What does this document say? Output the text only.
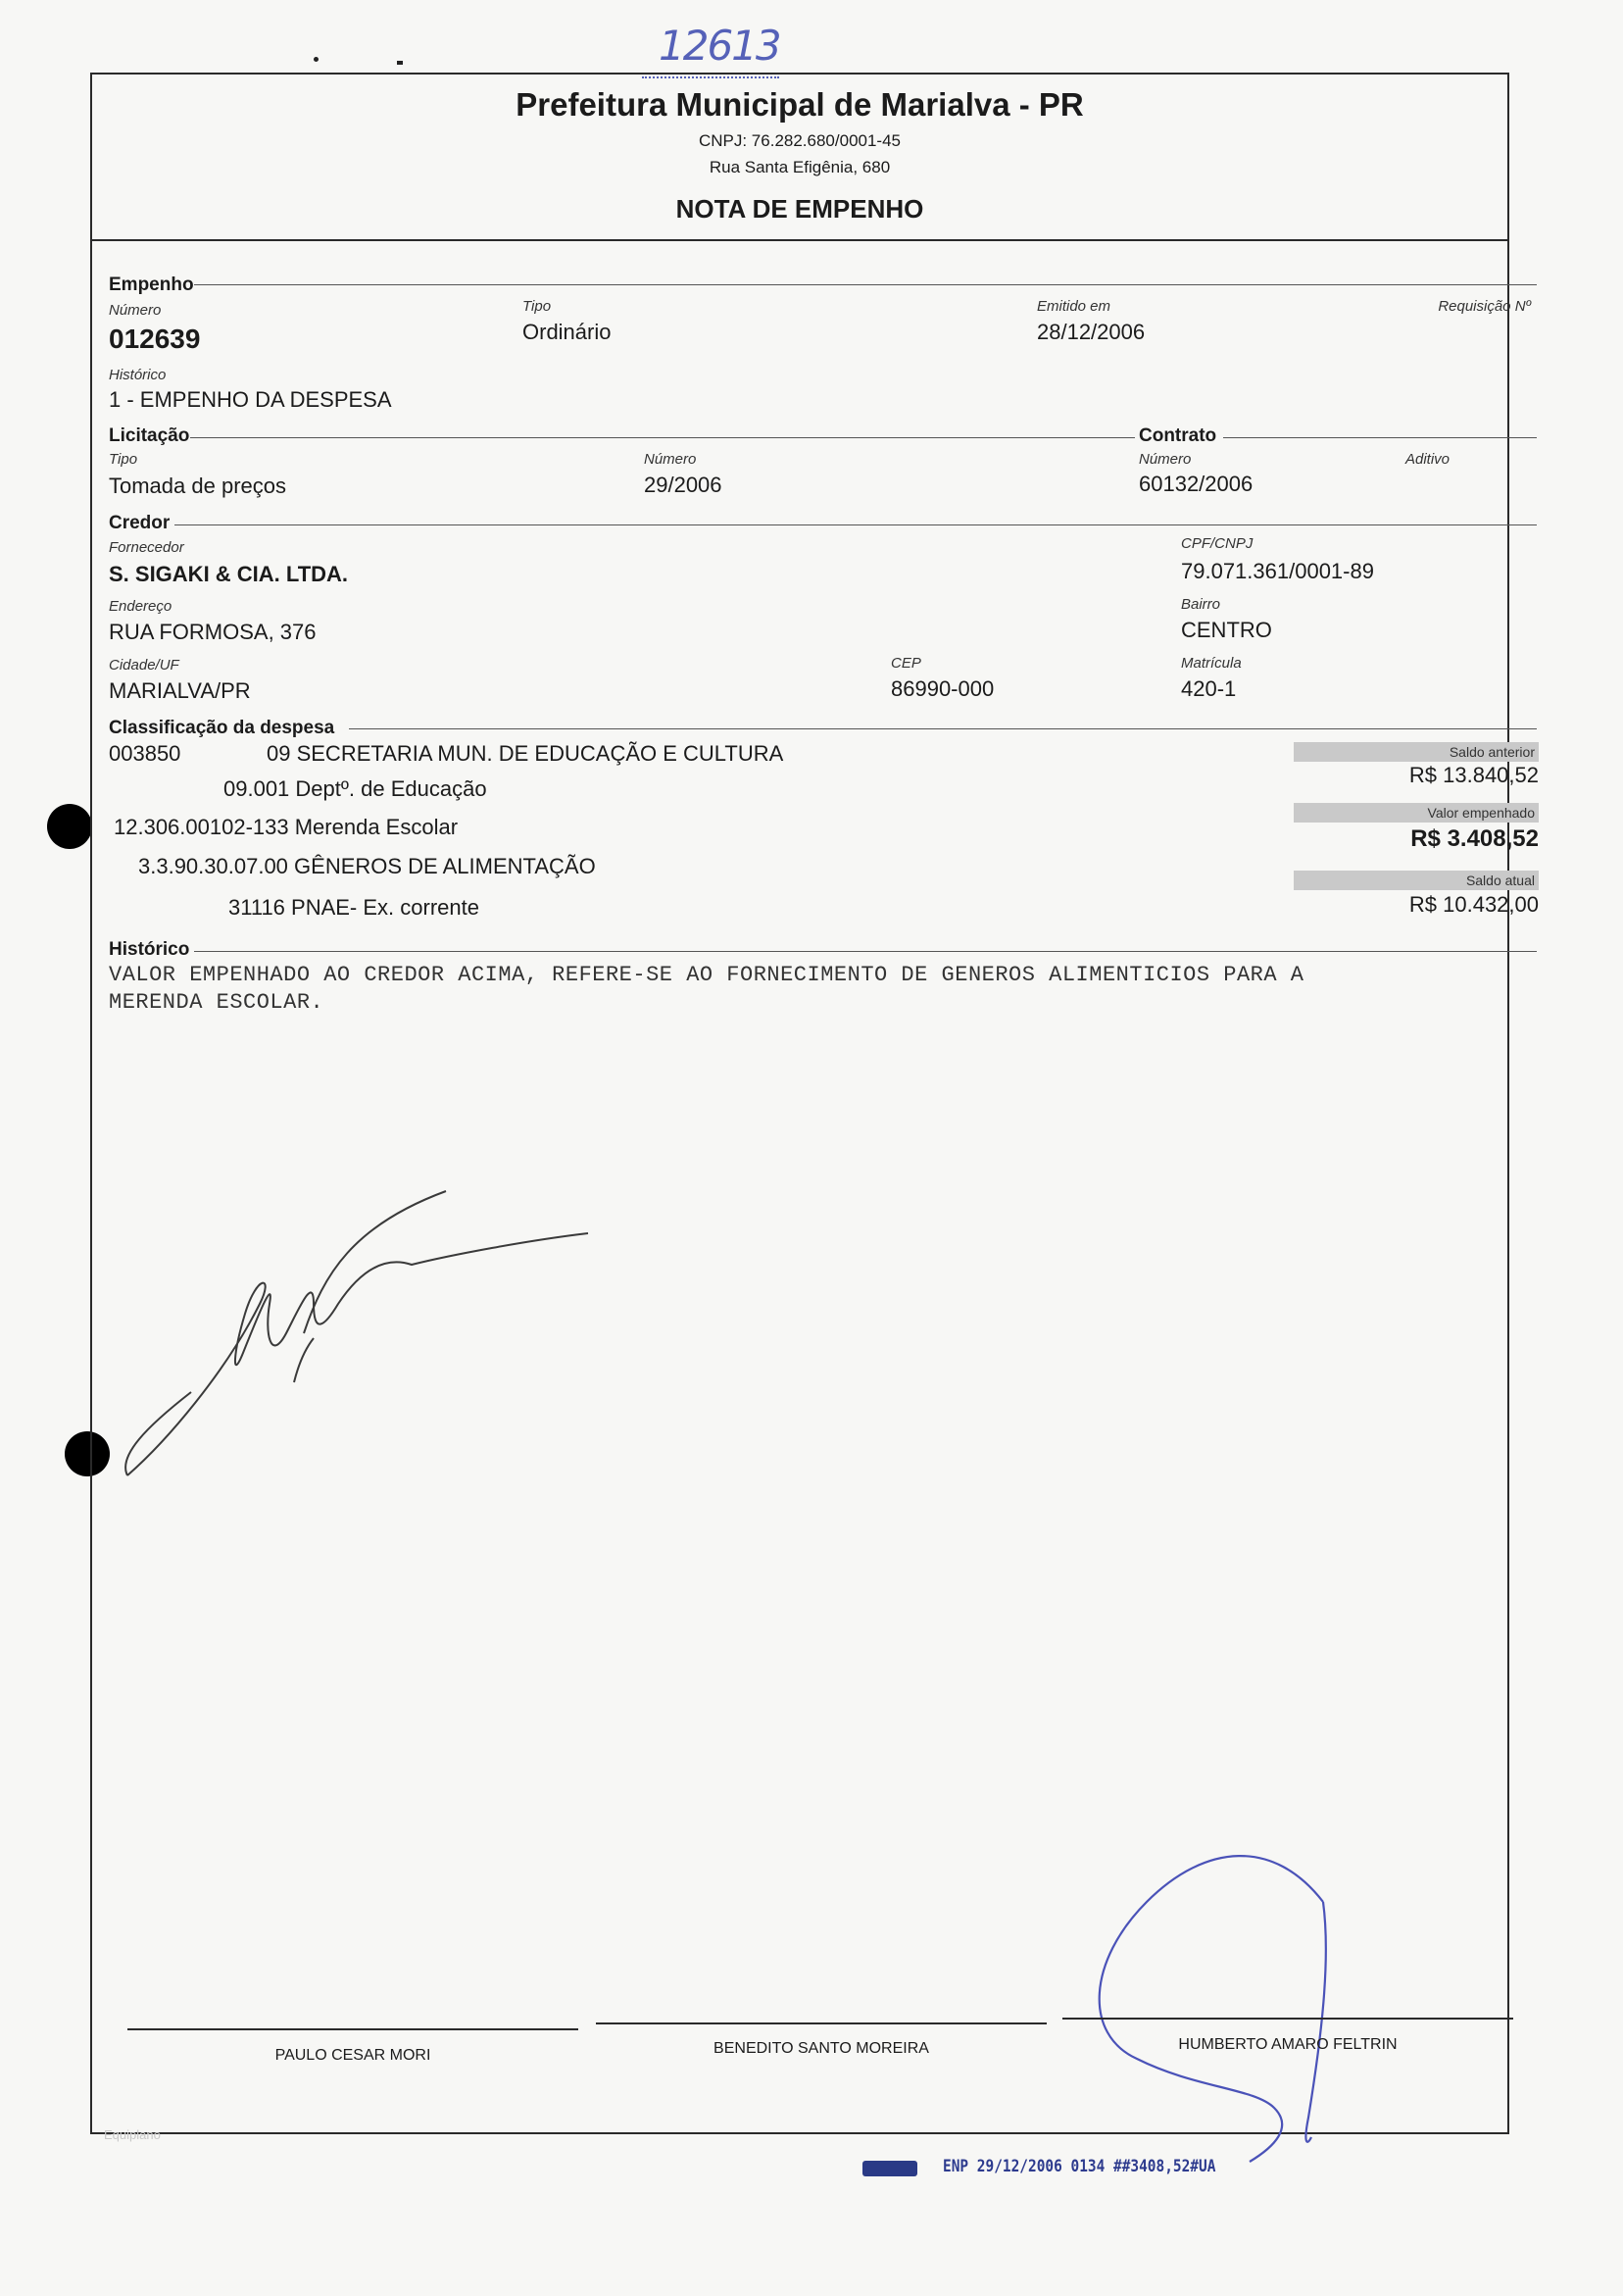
12613
Prefeitura Municipal de Marialva - PR
CNPJ: 76.282.680/0001-45
Rua Santa Efigênia, 680
NOTA DE EMPENHO
Empenho
Número
012639
Tipo
Ordinário
Emitido em
28/12/2006
Requisição Nº
Histórico
1 - EMPENHO DA DESPESA
Licitação	Contrato
Tipo
Tomada de preços
Número
29/2006
Número
60132/2006
Aditivo
Credor
Fornecedor
S. SIGAKI & CIA. LTDA.
CPF/CNPJ
79.071.361/0001-89
Endereço
RUA FORMOSA, 376
Bairro
CENTRO
Cidade/UF
MARIALVA/PR
CEP
86990-000
Matrícula
420-1
Classificação da despesa
003850	09 SECRETARIA MUN. DE EDUCAÇÃO E CULTURA
09.001 Deptº. de Educação
12.306.00102-133 Merenda Escolar
3.3.90.30.07.00 GÊNEROS DE ALIMENTAÇÃO
31116 PNAE- Ex. corrente
Saldo anterior
R$ 13.840,52
Valor empenhado
R$ 3.408,52
Saldo atual
R$ 10.432,00
Histórico
VALOR EMPENHADO AO CREDOR ACIMA, REFERE-SE AO FORNECIMENTO DE GENEROS ALIMENTICIOS PARA A
MERENDA ESCOLAR.
PAULO CESAR MORI	BENEDITO SANTO MOREIRA	HUMBERTO AMARO FELTRIN
Equiplano
ENP 29/12/2006 0134 ##3408,52#UA
